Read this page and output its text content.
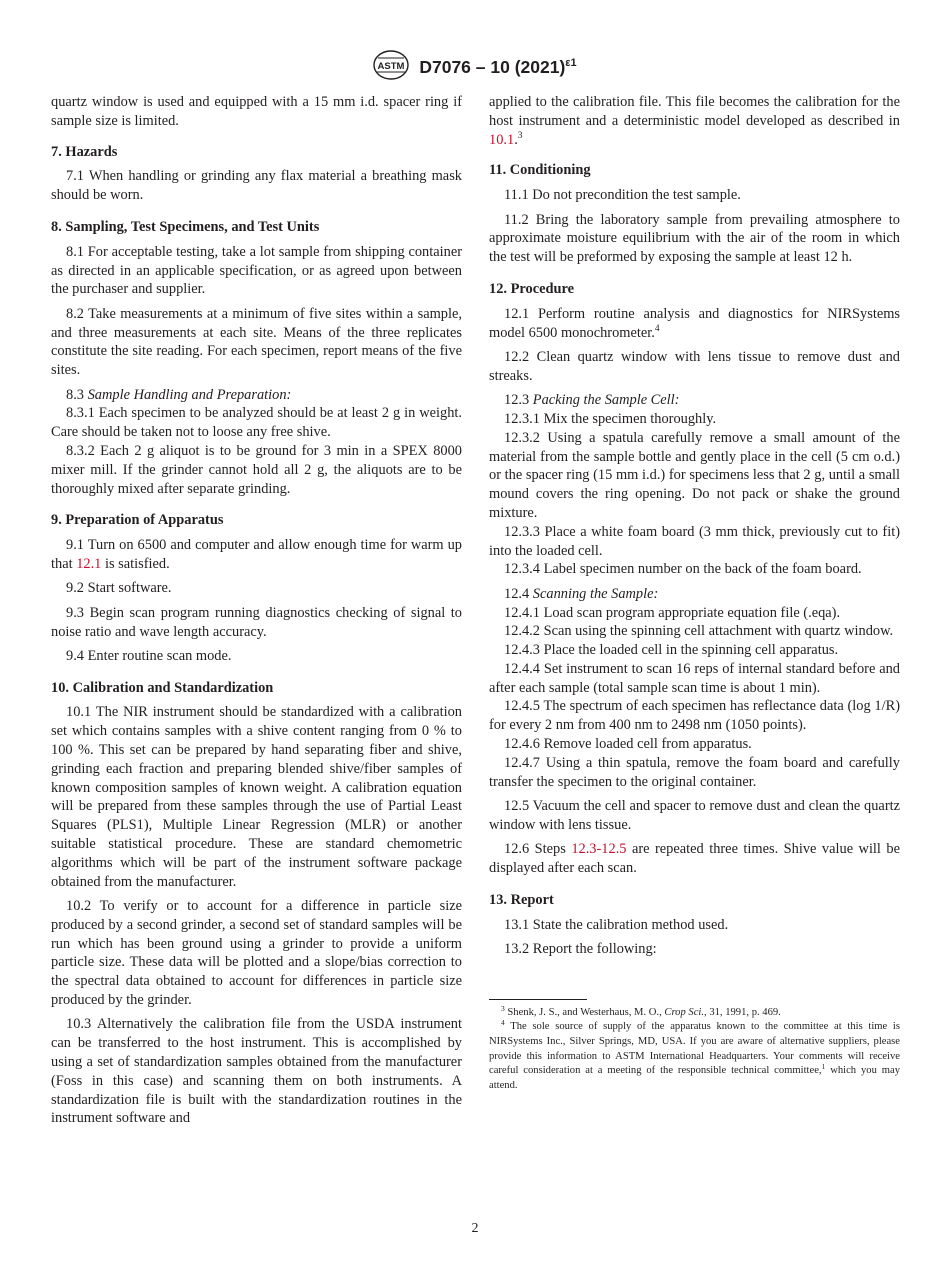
ASTM D7076 – 10 $(2021)^{\varepsilon 1}$

quartz window is used and equipped with a 15 mm i.d. spacer ring if sample size is limited.

7. Hazards

7.1 When handling or grinding any flax material a breathing mask should be worn.

8. Sampling, Test Specimens, and Test Units

8.1 For acceptable testing, take a lot sample from shipping container as directed in an applicable specification, or as agreed upon between the purchaser and supplier.

8.2 Take measurements at a minimum of five sites within a sample, and three measurements at each site. Means of the three replicates constitute the site reading. For each specimen, report means of the five sites.

8.3 Sample Handling and Preparation:

8.3.1 Each specimen to be analyzed should be at least 2 g in weight. Care should be taken not to loose any free shive.

8.3.2 Each 2 g aliquot is to be ground for 3 min in a SPEX 8000 mixer mill. If the grinder cannot hold all 2 g, the aliquots are to be thoroughly mixed after separate grinding.

9. Preparation of Apparatus

9.1 Turn on 6500 and computer and allow enough time for warm up that 12.1 is satisfied.

9.2 Start software.

9.3 Begin scan program running diagnostics checking of signal to noise ratio and wave length accuracy.

9.4 Enter routine scan mode.

10. Calibration and Standardization

10.1 The NIR instrument should be standardized with a calibration set which contains samples with a shive content ranging from 0 % to 100 %. This set can be prepared by hand separating fiber and shive, grinding each fraction and preparing blended shive/fiber samples of known composition samples of known weight. A calibration equation will be prepared from these samples through the use of Partial Least Squares (PLS1), Multiple Linear Regression (MLR) or another suitable statistical procedure. These are standard chemometric algorithms which will be part of the instrument software package obtained from the manufacturer.

10.2 To verify or to account for a difference in particle size produced by a second grinder, a second set of standard samples will be run which has been ground using a grinder to provide a uniform particle size. These data will be plotted and a slope/bias correction to the spectral data obtained to account for differences in particle size produced by the grinder.

10.3 Alternatively the calibration file from the USDA instrument can be transferred to the host instrument. This is accomplished by using a set of standardization samples obtained from the manufacturer (Foss in this case) and scanning them on both instruments. A standardization file is built with the standardization routines in the instrument software and

applied to the calibration file. This file becomes the calibration for the host instrument and a deterministic model developed as described in 10.1.$^3$

11. Conditioning

11.1 Do not precondition the test sample.

11.2 Bring the laboratory sample from prevailing atmosphere to approximate moisture equilibrium with the air of the room in which the test will be preformed by exposing the sample at least 12 h.

12. Procedure

12.1 Perform routine analysis and diagnostics for NIRSystems model 6500 monochrometer.$^4$

12.2 Clean quartz window with lens tissue to remove dust and streaks.

12.3 Packing the Sample Cell:

12.3.1 Mix the specimen thoroughly.

12.3.2 Using a spatula carefully remove a small amount of the material from the sample bottle and gently place in the cell (5 cm o.d.) or the spacer ring (15 mm i.d.) for specimens less that 2 g, until a small mound covers the ring opening. Do not pack or shake the ground mixture.

12.3.3 Place a white foam board (3 mm thick, previously cut to fit) into the loaded cell.

12.3.4 Label specimen number on the back of the foam board.

12.4 Scanning the Sample:

12.4.1 Load scan program appropriate equation file (.eqa).

12.4.2 Scan using the spinning cell attachment with quartz window.

12.4.3 Place the loaded cell in the spinning cell apparatus.

12.4.4 Set instrument to scan 16 reps of internal standard before and after each sample (total sample scan time is about 1 min).

12.4.5 The spectrum of each specimen has reflectance data (log 1/R) for every 2 nm from 400 nm to 2498 nm (1050 points).

12.4.6 Remove loaded cell from apparatus.

12.4.7 Using a thin spatula, remove the foam board and carefully transfer the specimen to the original container.

12.5 Vacuum the cell and spacer to remove dust and clean the quartz window with lens tissue.

12.6 Steps 12.3-12.5 are repeated three times. Shive value will be displayed after each scan.

13. Report

13.1 State the calibration method used.

13.2 Report the following:

$^3$ Shenk, J. S., and Westerhaus, M. O., Crop Sci., 31, 1991, p. 469.

$^4$ The sole source of supply of the apparatus known to the committee at this time is NIRSystems Inc., Silver Springs, MD, USA. If you are aware of alternative suppliers, please provide this information to ASTM International Headquarters. Your comments will receive careful consideration at a meeting of the responsible technical committee,$^1$ which you may attend.

2
